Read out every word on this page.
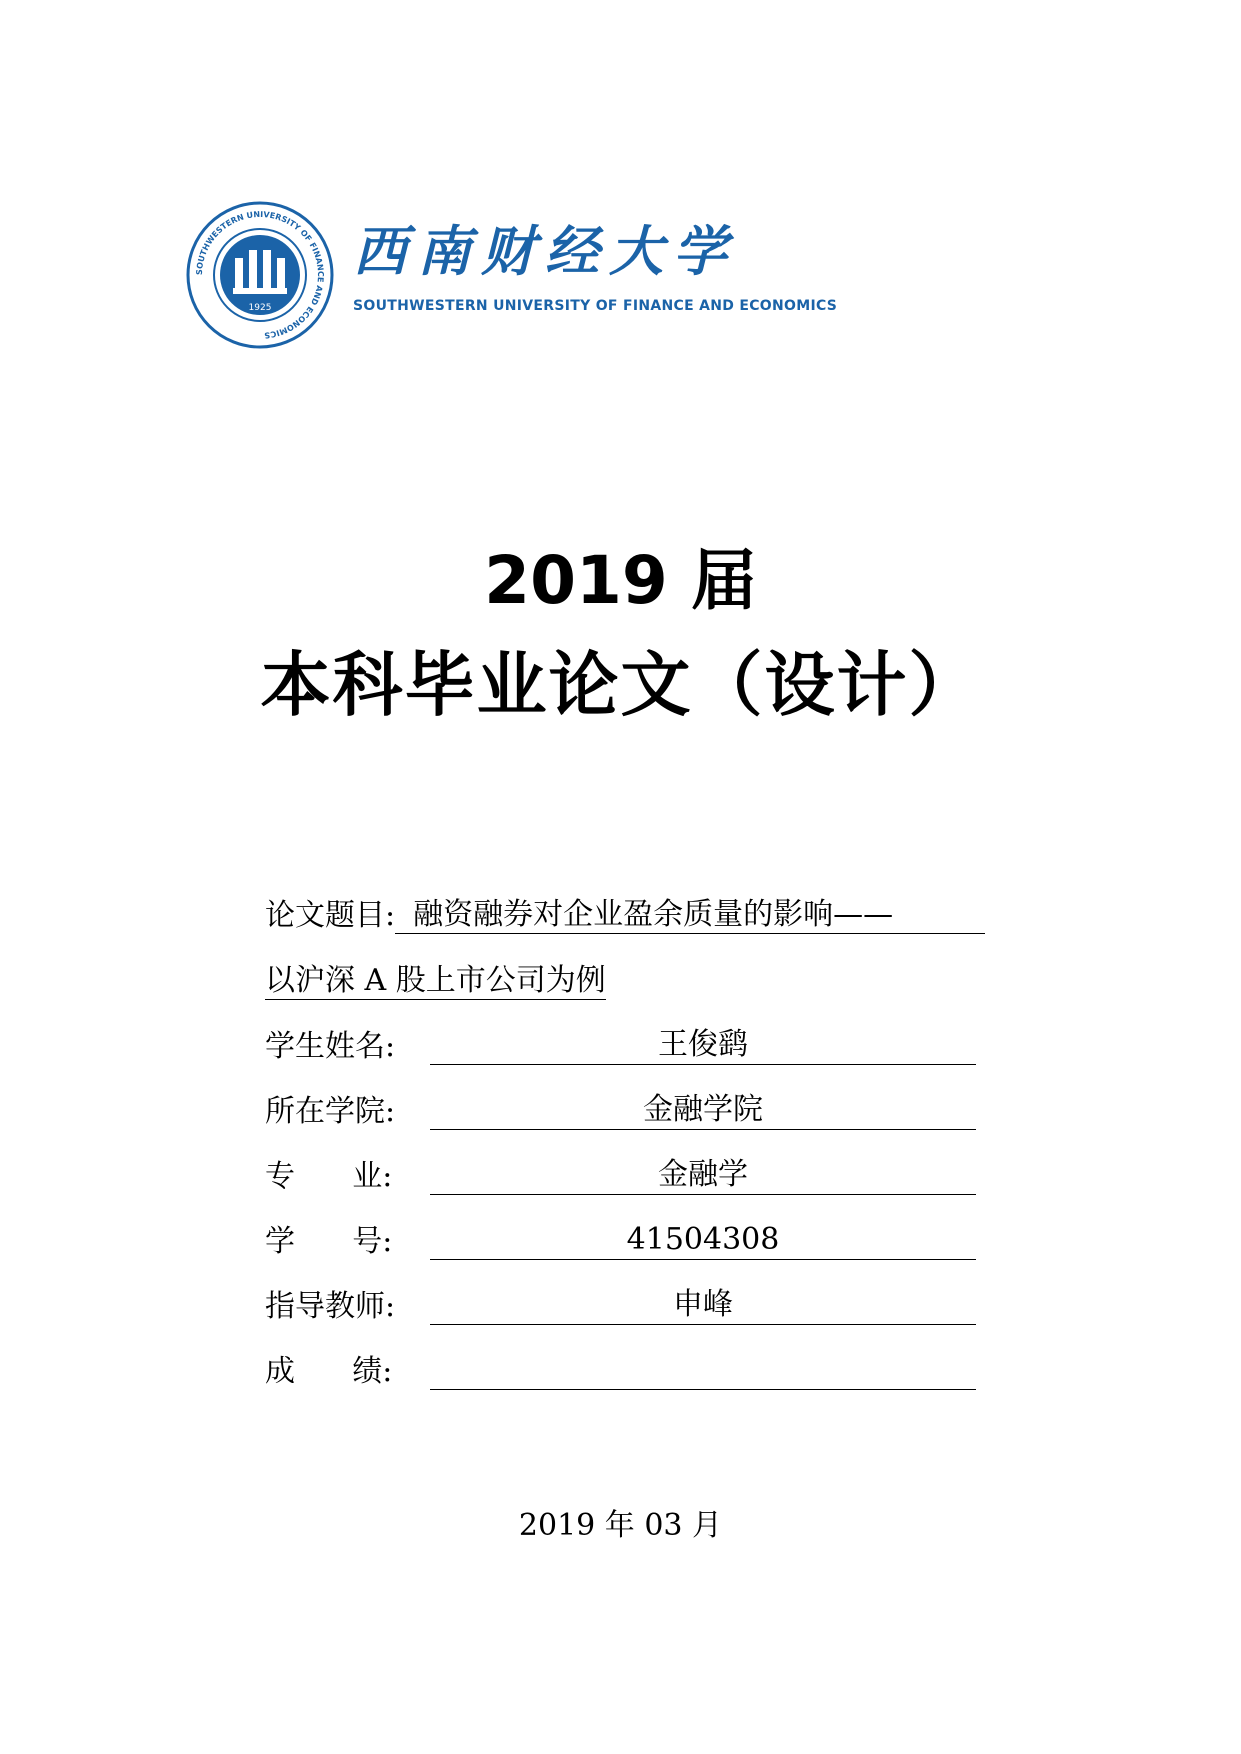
SOUTHWESTERN UNIVERSITY OF FINANCE AND ECONOMICS
1925
西南财经大学
SOUTHWESTERN UNIVERSITY OF FINANCE AND ECONOMICS
2019 届
本科毕业论文（设计）
论文题目: 融资融券对企业盈余质量的影响——
以沪深 A 股上市公司为例
学生姓名:	王俊鹞
所在学院:	金融学院
专      业:	金融学
学      号:	41504308
指导教师:	申峰
成      绩:
2019 年 03 月
